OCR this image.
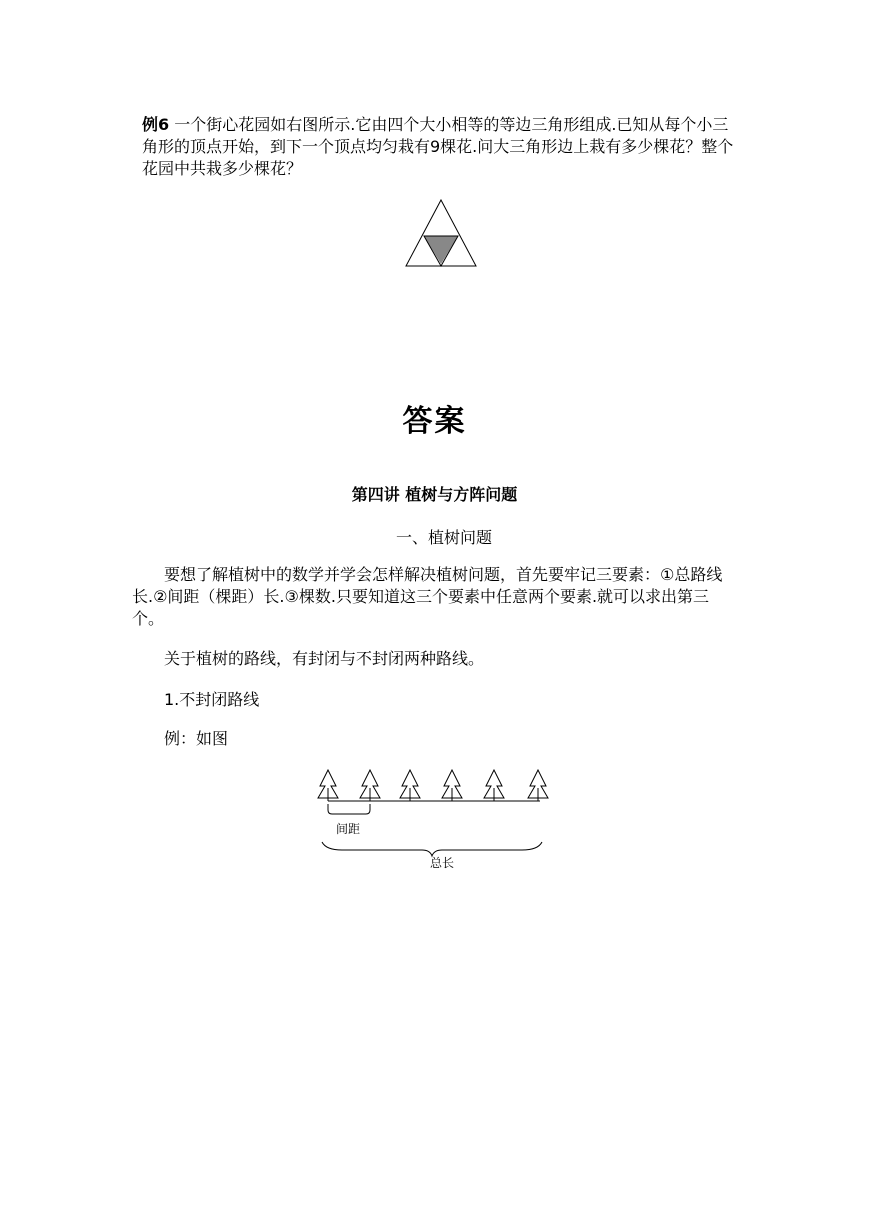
例6 一个街心花园如右图所示.它由四个大小相等的等边三角形组成.已知从每个小三角形的顶点开始，到下一个顶点均匀栽有9棵花.问大三角形边上栽有多少棵花？整个花园中共栽多少棵花？
答案
第四讲 植树与方阵问题
一、植树问题
要想了解植树中的数学并学会怎样解决植树问题，首先要牢记三要素：①总路线长.②间距（棵距）长.③棵数.只要知道这三个要素中任意两个要素.就可以求出第三个。
关于植树的路线，有封闭与不封闭两种路线。
1.不封闭路线
例：如图
间距
总长
